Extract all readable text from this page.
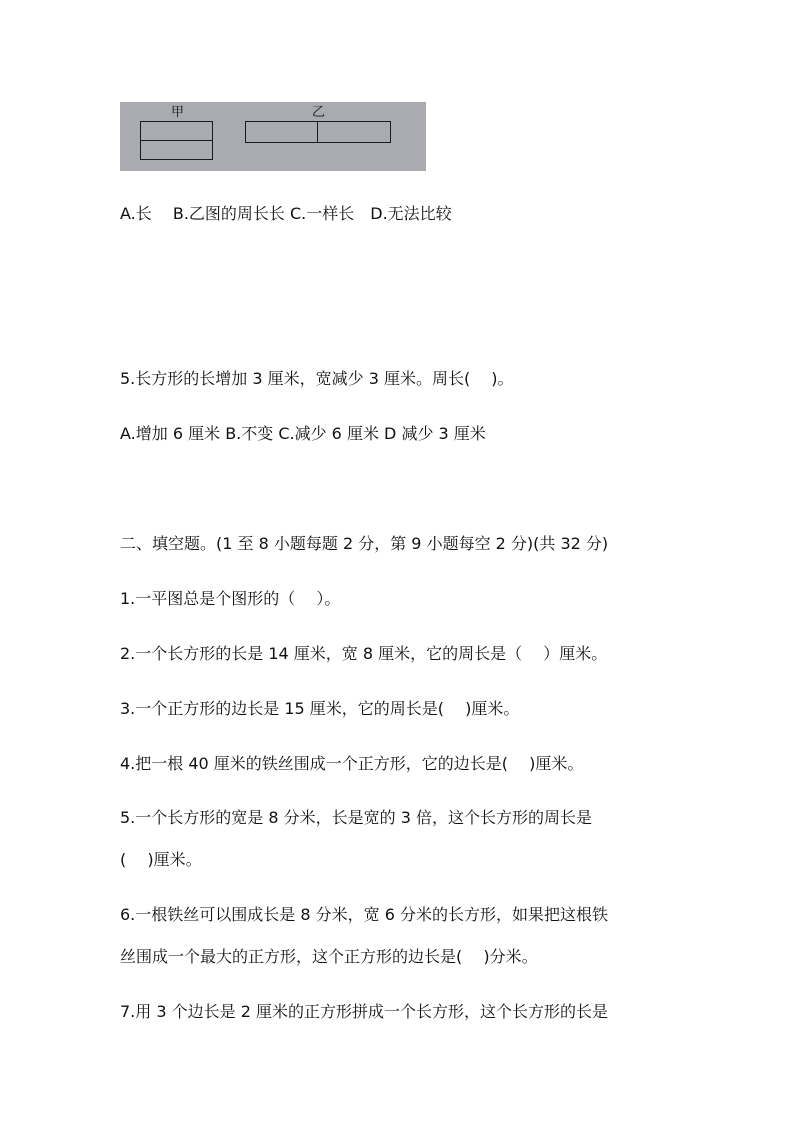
甲	乙
A.长　 B.乙图的周长长 C.一样长　D.无法比较
5.长方形的长增加 3 厘米，宽减少 3 厘米。周长(　 )。
A.增加 6 厘米 B.不变 C.减少 6 厘米 D 减少 3 厘米
二、填空题。(1 至 8 小题每题 2 分，第 9 小题每空 2 分)(共 32 分)
1.一平图总是个图形的（　 ）。
2.一个长方形的长是 14 厘米，宽 8 厘米，它的周长是（　 ）厘米。
3.一个正方形的边长是 15 厘米，它的周长是(　 )厘米。
4.把一根 40 厘米的铁丝围成一个正方形，它的边长是(　 )厘米。
5.一个长方形的宽是 8 分米，长是宽的 3 倍，这个长方形的周长是
(　 )厘米。
6.一根铁丝可以围成长是 8 分米，宽 6 分米的长方形，如果把这根铁
丝围成一个最大的正方形，这个正方形的边长是(　 )分米。
7.用 3 个边长是 2 厘米的正方形拼成一个长方形，这个长方形的长是
